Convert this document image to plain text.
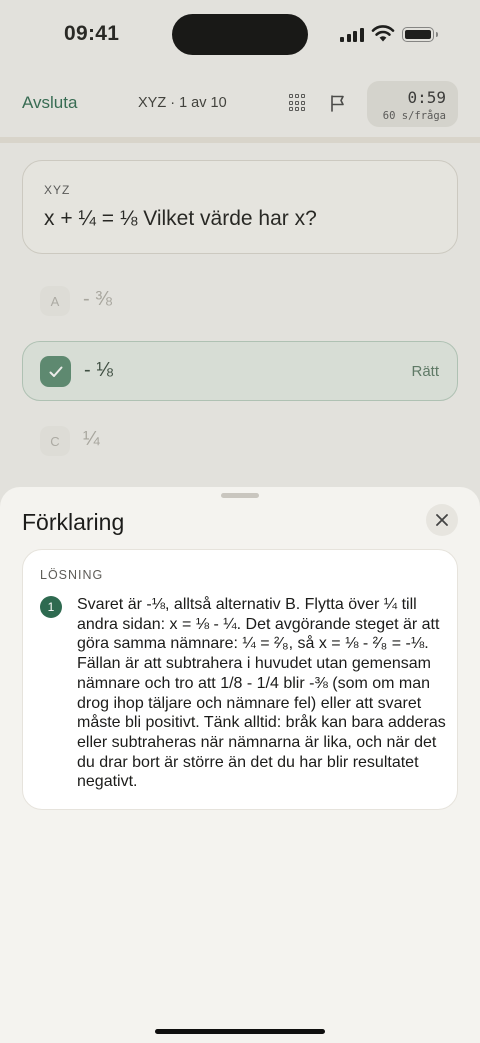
09:41
Avsluta	XYZ · 1 av 10	0:59
60 s/fråga
XYZ
x + ¼ = ⅛ Vilket värde har x?
A	- ⅜
- ⅛	Rätt
C	¼
Förklaring
LÖSNING
1	Svaret är -⅛, alltså alternativ B. Flytta över ¼ till andra sidan: x = ⅛ - ¼. Det avgörande steget är att göra samma nämnare: ¼ = ²⁄₈, så x = ⅛ - ²⁄₈ = -⅛. Fällan är att subtrahera i huvudet utan gemensam nämnare och tro att 1/8 - 1/4 blir -⅜ (som om man drog ihop täljare och nämnare fel) eller att svaret måste bli positivt. Tänk alltid: bråk kan bara adderas eller subtraheras när nämnarna är lika, och när det du drar bort är större än det du har blir resultatet negativt.
